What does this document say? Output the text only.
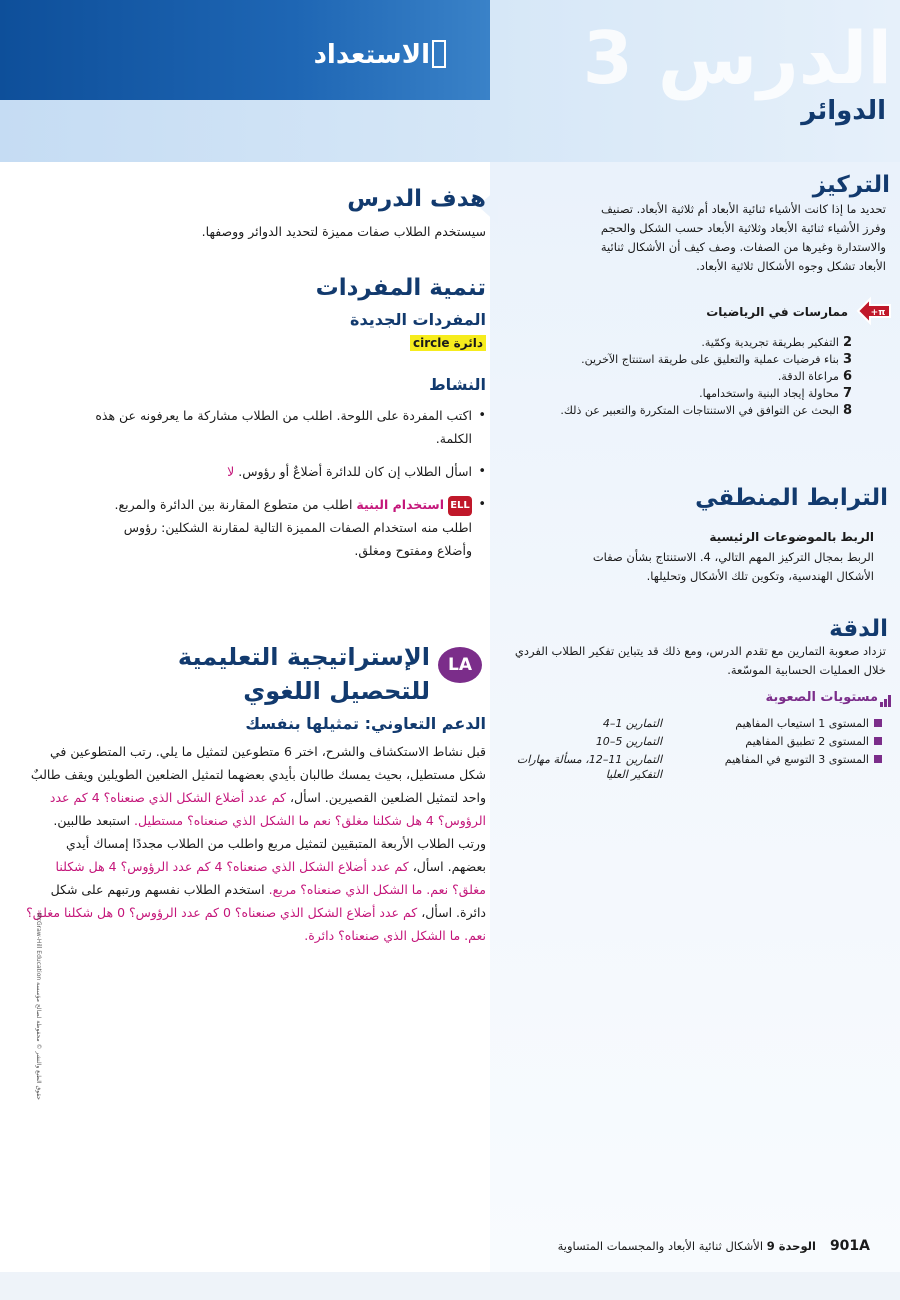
الاستعداد الدرس 3
الدوائر
التركيز
تحديد ما إذا كانت الأشياء ثنائية الأبعاد أم ثلاثية الأبعاد. تصنيف وفرز الأشياء ثنائية الأبعاد وثلاثية الأبعاد حسب الشكل والحجم والاستدارة وغيرها من الصفات. وصف كيف أن الأشكال ثنائية الأبعاد تشكل وجوه الأشكال ثلاثية الأبعاد.
π+
ممارسات في الرياضيات
2التفكير بطريقة تجريدية وكمّية.
3بناء فرضيات عملية والتعليق على طريقة استنتاج الآخرين.
6مراعاة الدقة.
7محاولة إيجاد البنية واستخدامها.
8البحث عن التوافق في الاستنتاجات المتكررة والتعبير عن ذلك.
الترابط المنطقي
الربط بالموضوعات الرئيسية
الربط بمجال التركيز المهم التالي، 4. الاستنتاج بشأن صفات الأشكال الهندسية، وتكوين تلك الأشكال وتحليلها.
الدقة
تزداد صعوبة التمارين مع تقدم الدرس، ومع ذلك قد يتباين تفكير الطلاب الفردي خلال العمليات الحسابية الموسّعة.
مستويات الصعوبة
المستوى 1 استيعاب المفاهيم
التمارين 1–4
المستوى 2 تطبيق المفاهيم
التمارين 5–10
المستوى 3 التوسع في المفاهيم
التمارين 11–12، مسألة مهارات التفكير العليا
هدف الدرس
سيستخدم الطلاب صفات مميزة لتحديد الدوائر ووصفها.
تنمية المفردات
المفردات الجديدة
دائرة circle
النشاط
• اكتب المفردة على اللوحة. اطلب من الطلاب مشاركة ما يعرفونه عن هذه الكلمة.
• اسأل الطلاب إن كان للدائرة أضلاعٌ أو رؤوس. لا
• ELLاستخدام البنية اطلب من متطوع المقارنة بين الدائرة والمربع. اطلب منه استخدام الصفات المميزة التالية لمقارنة الشكلين: رؤوس وأضلاع ومفتوح ومغلق.
LA
الإستراتيجية التعليمية للتحصيل اللغوي
الدعم التعاوني: تمثيلها بنفسك
قبل نشاط الاستكشاف والشرح، اختر 6 متطوعين لتمثيل ما يلي. رتب المتطوعين في شكل مستطيل، بحيث يمسك طالبان بأيدي بعضهما لتمثيل الضلعين الطويلين ويقف طالبٌ واحد لتمثيل الضلعين القصيرين. اسأل، كم عدد أضلاع الشكل الذي صنعناه؟ 4 كم عدد الرؤوس؟ 4 هل شكلنا مغلق؟ نعم ما الشكل الذي صنعناه؟ مستطيل. استبعد طالبين. ورتب الطلاب الأربعة المتبقيين لتمثيل مربع واطلب من الطلاب مجددًا إمساك أيدي بعضهم. اسأل، كم عدد أضلاع الشكل الذي صنعناه؟ 4 كم عدد الرؤوس؟ 4 هل شكلنا مغلق؟ نعم. ما الشكل الذي صنعناه؟ مربع. استخدم الطلاب نفسهم ورتبهم على شكل دائرة. اسأل، كم عدد أضلاع الشكل الذي صنعناه؟ 0 كم عدد الرؤوس؟ 0 هل شكلنا مغلق؟ نعم. ما الشكل الذي صنعناه؟ دائرة.
حقوق الطبع والنشر © محفوظة لصالح مؤسسة McGraw-Hill Education
901Aالوحدة 9 الأشكال ثنائية الأبعاد والمجسمات المتساوية
